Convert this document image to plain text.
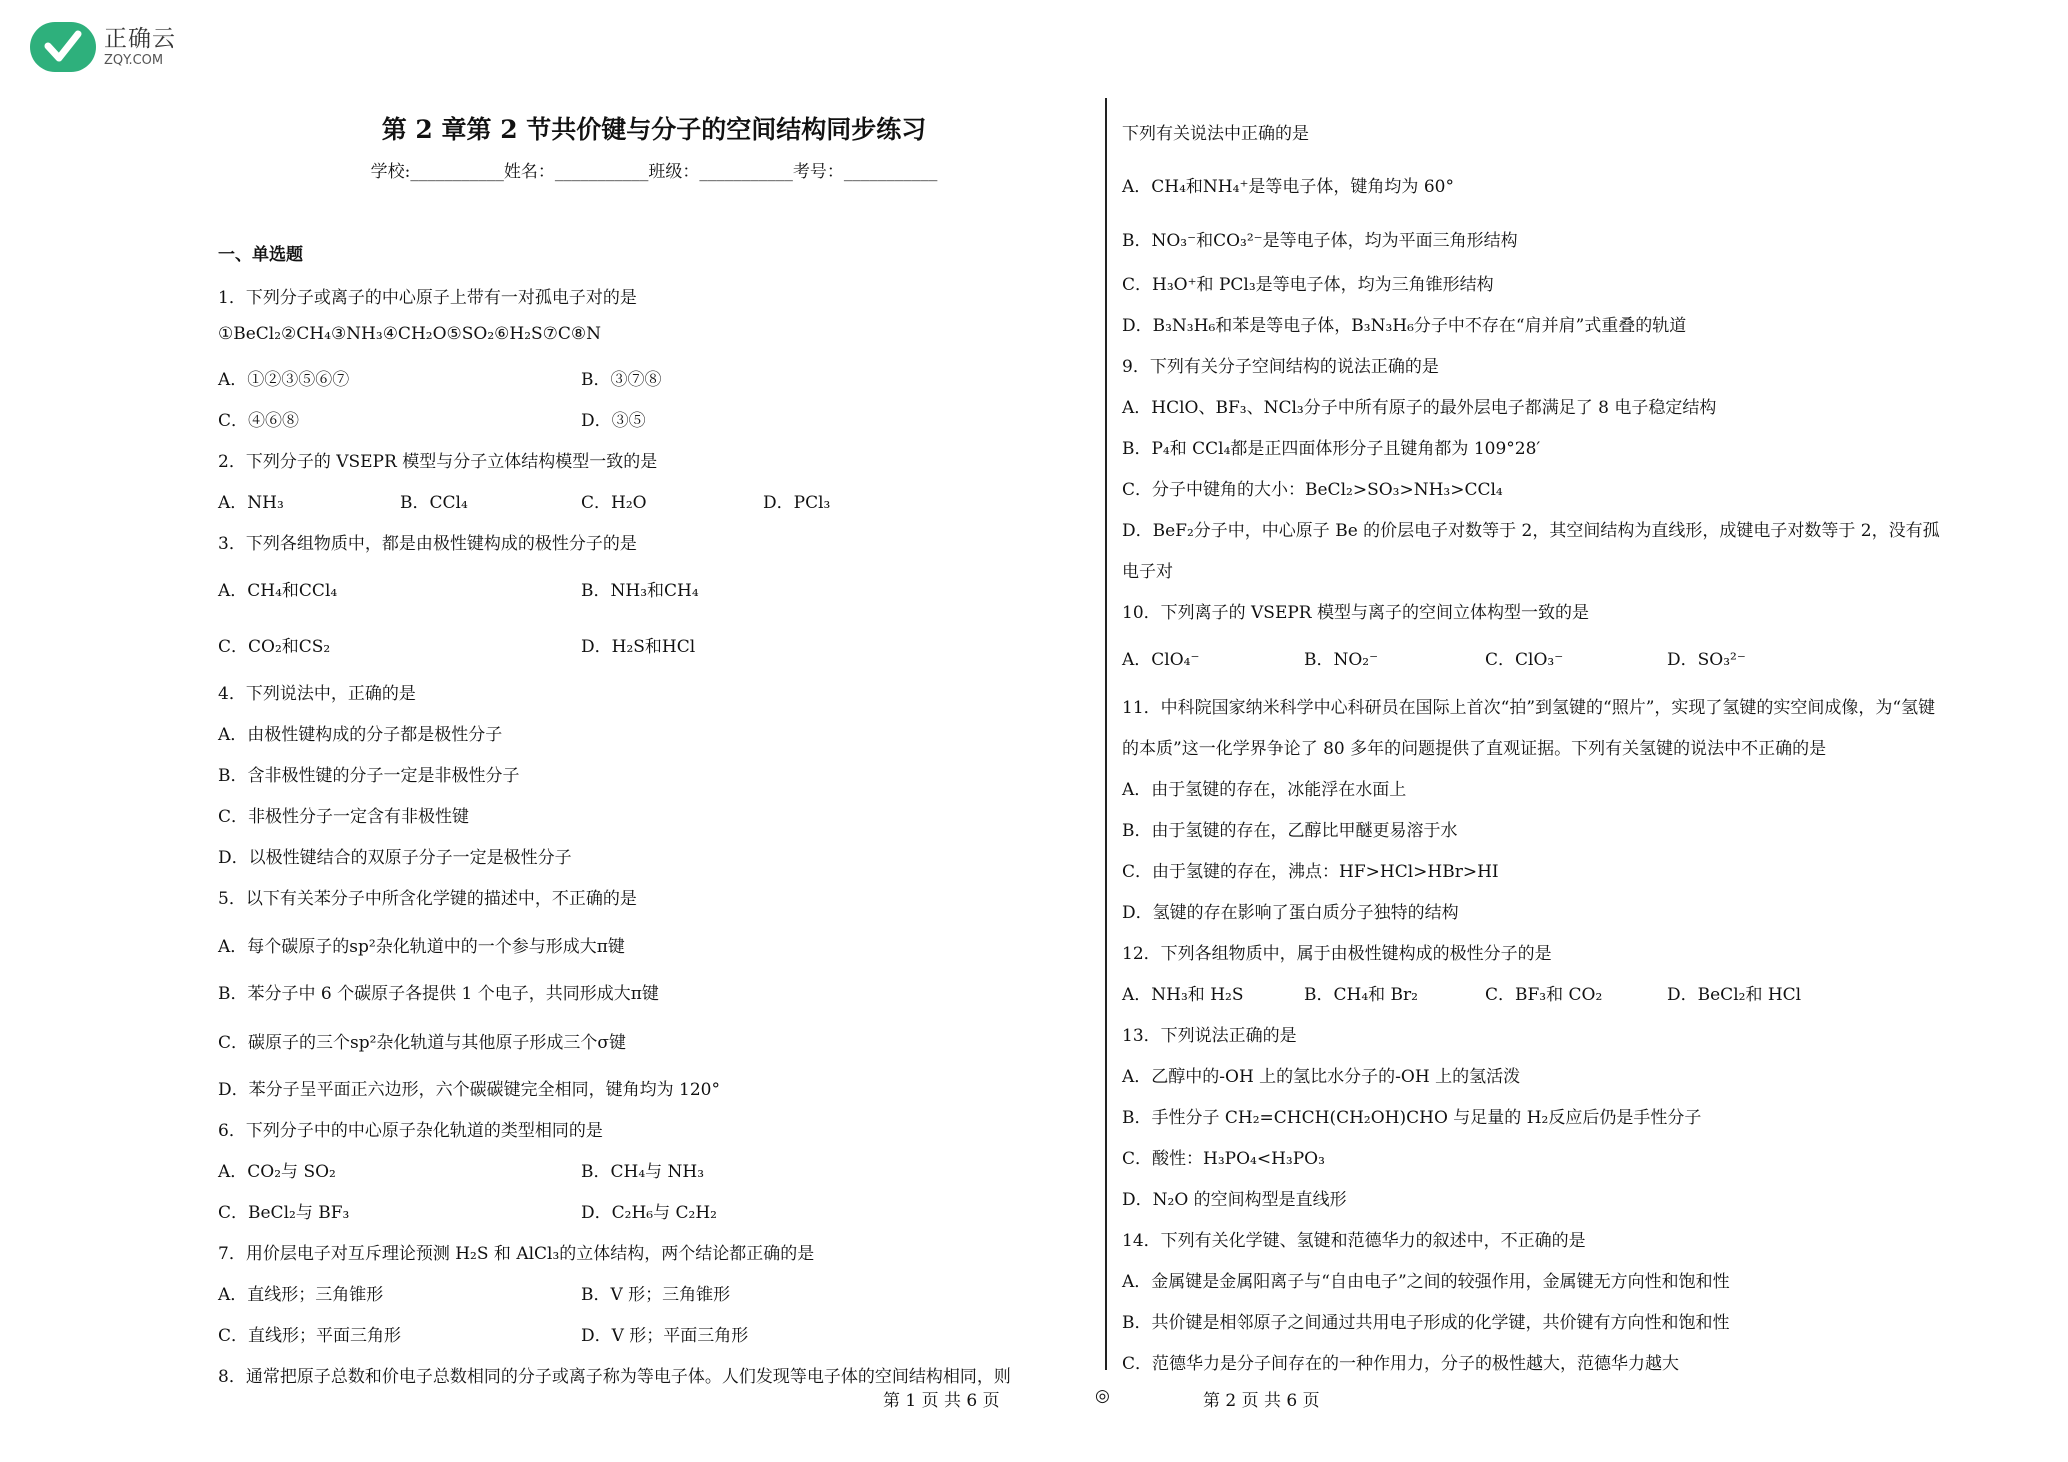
正确云
ZQY.COM
第 2 章第 2 节共价键与分子的空间结构同步练习
学校:___________姓名：___________班级：___________考号：___________
一、单选题
1．下列分子或离子的中心原子上带有一对孤电子对的是
①BeCl₂②CH₄③NH₃④CH₂O⑤SO₂⑥H₂S⑦C⑧N
A．①②③⑤⑥⑦	B．③⑦⑧
C．④⑥⑧	D．③⑤
2．下列分子的 VSEPR 模型与分子立体结构模型一致的是
A．NH₃	B．CCl₄	C．H₂O	D．PCl₃
3．下列各组物质中，都是由极性键构成的极性分子的是
A．CH₄和CCl₄	B．NH₃和CH₄
C．CO₂和CS₂	D．H₂S和HCl
4．下列说法中，正确的是
A．由极性键构成的分子都是极性分子
B．含非极性键的分子一定是非极性分子
C．非极性分子一定含有非极性键
D．以极性键结合的双原子分子一定是极性分子
5．以下有关苯分子中所含化学键的描述中，不正确的是
A．每个碳原子的sp²杂化轨道中的一个参与形成大π键
B．苯分子中 6 个碳原子各提供 1 个电子，共同形成大π键
C．碳原子的三个sp²杂化轨道与其他原子形成三个σ键
D．苯分子呈平面正六边形，六个碳碳键完全相同，键角均为 120°
6．下列分子中的中心原子杂化轨道的类型相同的是
A．CO₂与 SO₂	B．CH₄与 NH₃
C．BeCl₂与 BF₃	D．C₂H₆与 C₂H₂
7．用价层电子对互斥理论预测 H₂S 和 AlCl₃的立体结构，两个结论都正确的是
A．直线形；三角锥形	B．V 形；三角锥形
C．直线形；平面三角形	D．V 形；平面三角形
8．通常把原子总数和价电子总数相同的分子或离子称为等电子体。人们发现等电子体的空间结构相同，则
下列有关说法中正确的是
A．CH₄和NH₄⁺是等电子体，键角均为 60°
B．NO₃⁻和CO₃²⁻是等电子体，均为平面三角形结构
C．H₃O⁺和 PCl₃是等电子体，均为三角锥形结构
D．B₃N₃H₆和苯是等电子体，B₃N₃H₆分子中不存在“肩并肩”式重叠的轨道
9．下列有关分子空间结构的说法正确的是
A．HClO、BF₃、NCl₃分子中所有原子的最外层电子都满足了 8 电子稳定结构
B．P₄和 CCl₄都是正四面体形分子且键角都为 109°28′
C．分子中键角的大小：BeCl₂>SO₃>NH₃>CCl₄
D．BeF₂分子中，中心原子 Be 的价层电子对数等于 2，其空间结构为直线形，成键电子对数等于 2，没有孤
电子对
10．下列离子的 VSEPR 模型与离子的空间立体构型一致的是
A．ClO₄⁻	B．NO₂⁻	C．ClO₃⁻	D．SO₃²⁻
11．中科院国家纳米科学中心科研员在国际上首次“拍”到氢键的“照片”，实现了氢键的实空间成像，为“氢键
的本质”这一化学界争论了 80 多年的问题提供了直观证据。下列有关氢键的说法中不正确的是
A．由于氢键的存在，冰能浮在水面上
B．由于氢键的存在，乙醇比甲醚更易溶于水
C．由于氢键的存在，沸点：HF>HCl>HBr>HI
D．氢键的存在影响了蛋白质分子独特的结构
12．下列各组物质中，属于由极性键构成的极性分子的是
A．NH₃和 H₂S	B．CH₄和 Br₂	C．BF₃和 CO₂	D．BeCl₂和 HCl
13．下列说法正确的是
A．乙醇中的-OH 上的氢比水分子的-OH 上的氢活泼
B．手性分子 CH₂=CHCH(CH₂OH)CHO 与足量的 H₂反应后仍是手性分子
C．酸性：H₃PO₄<H₃PO₃
D．N₂O 的空间构型是直线形
14．下列有关化学键、氢键和范德华力的叙述中，不正确的是
A．金属键是金属阳离子与“自由电子”之间的较强作用，金属键无方向性和饱和性
B．共价键是相邻原子之间通过共用电子形成的化学键，共价键有方向性和饱和性
C．范德华力是分子间存在的一种作用力，分子的极性越大，范德华力越大
第 1 页 共 6 页	◎	第 2 页 共 6 页
